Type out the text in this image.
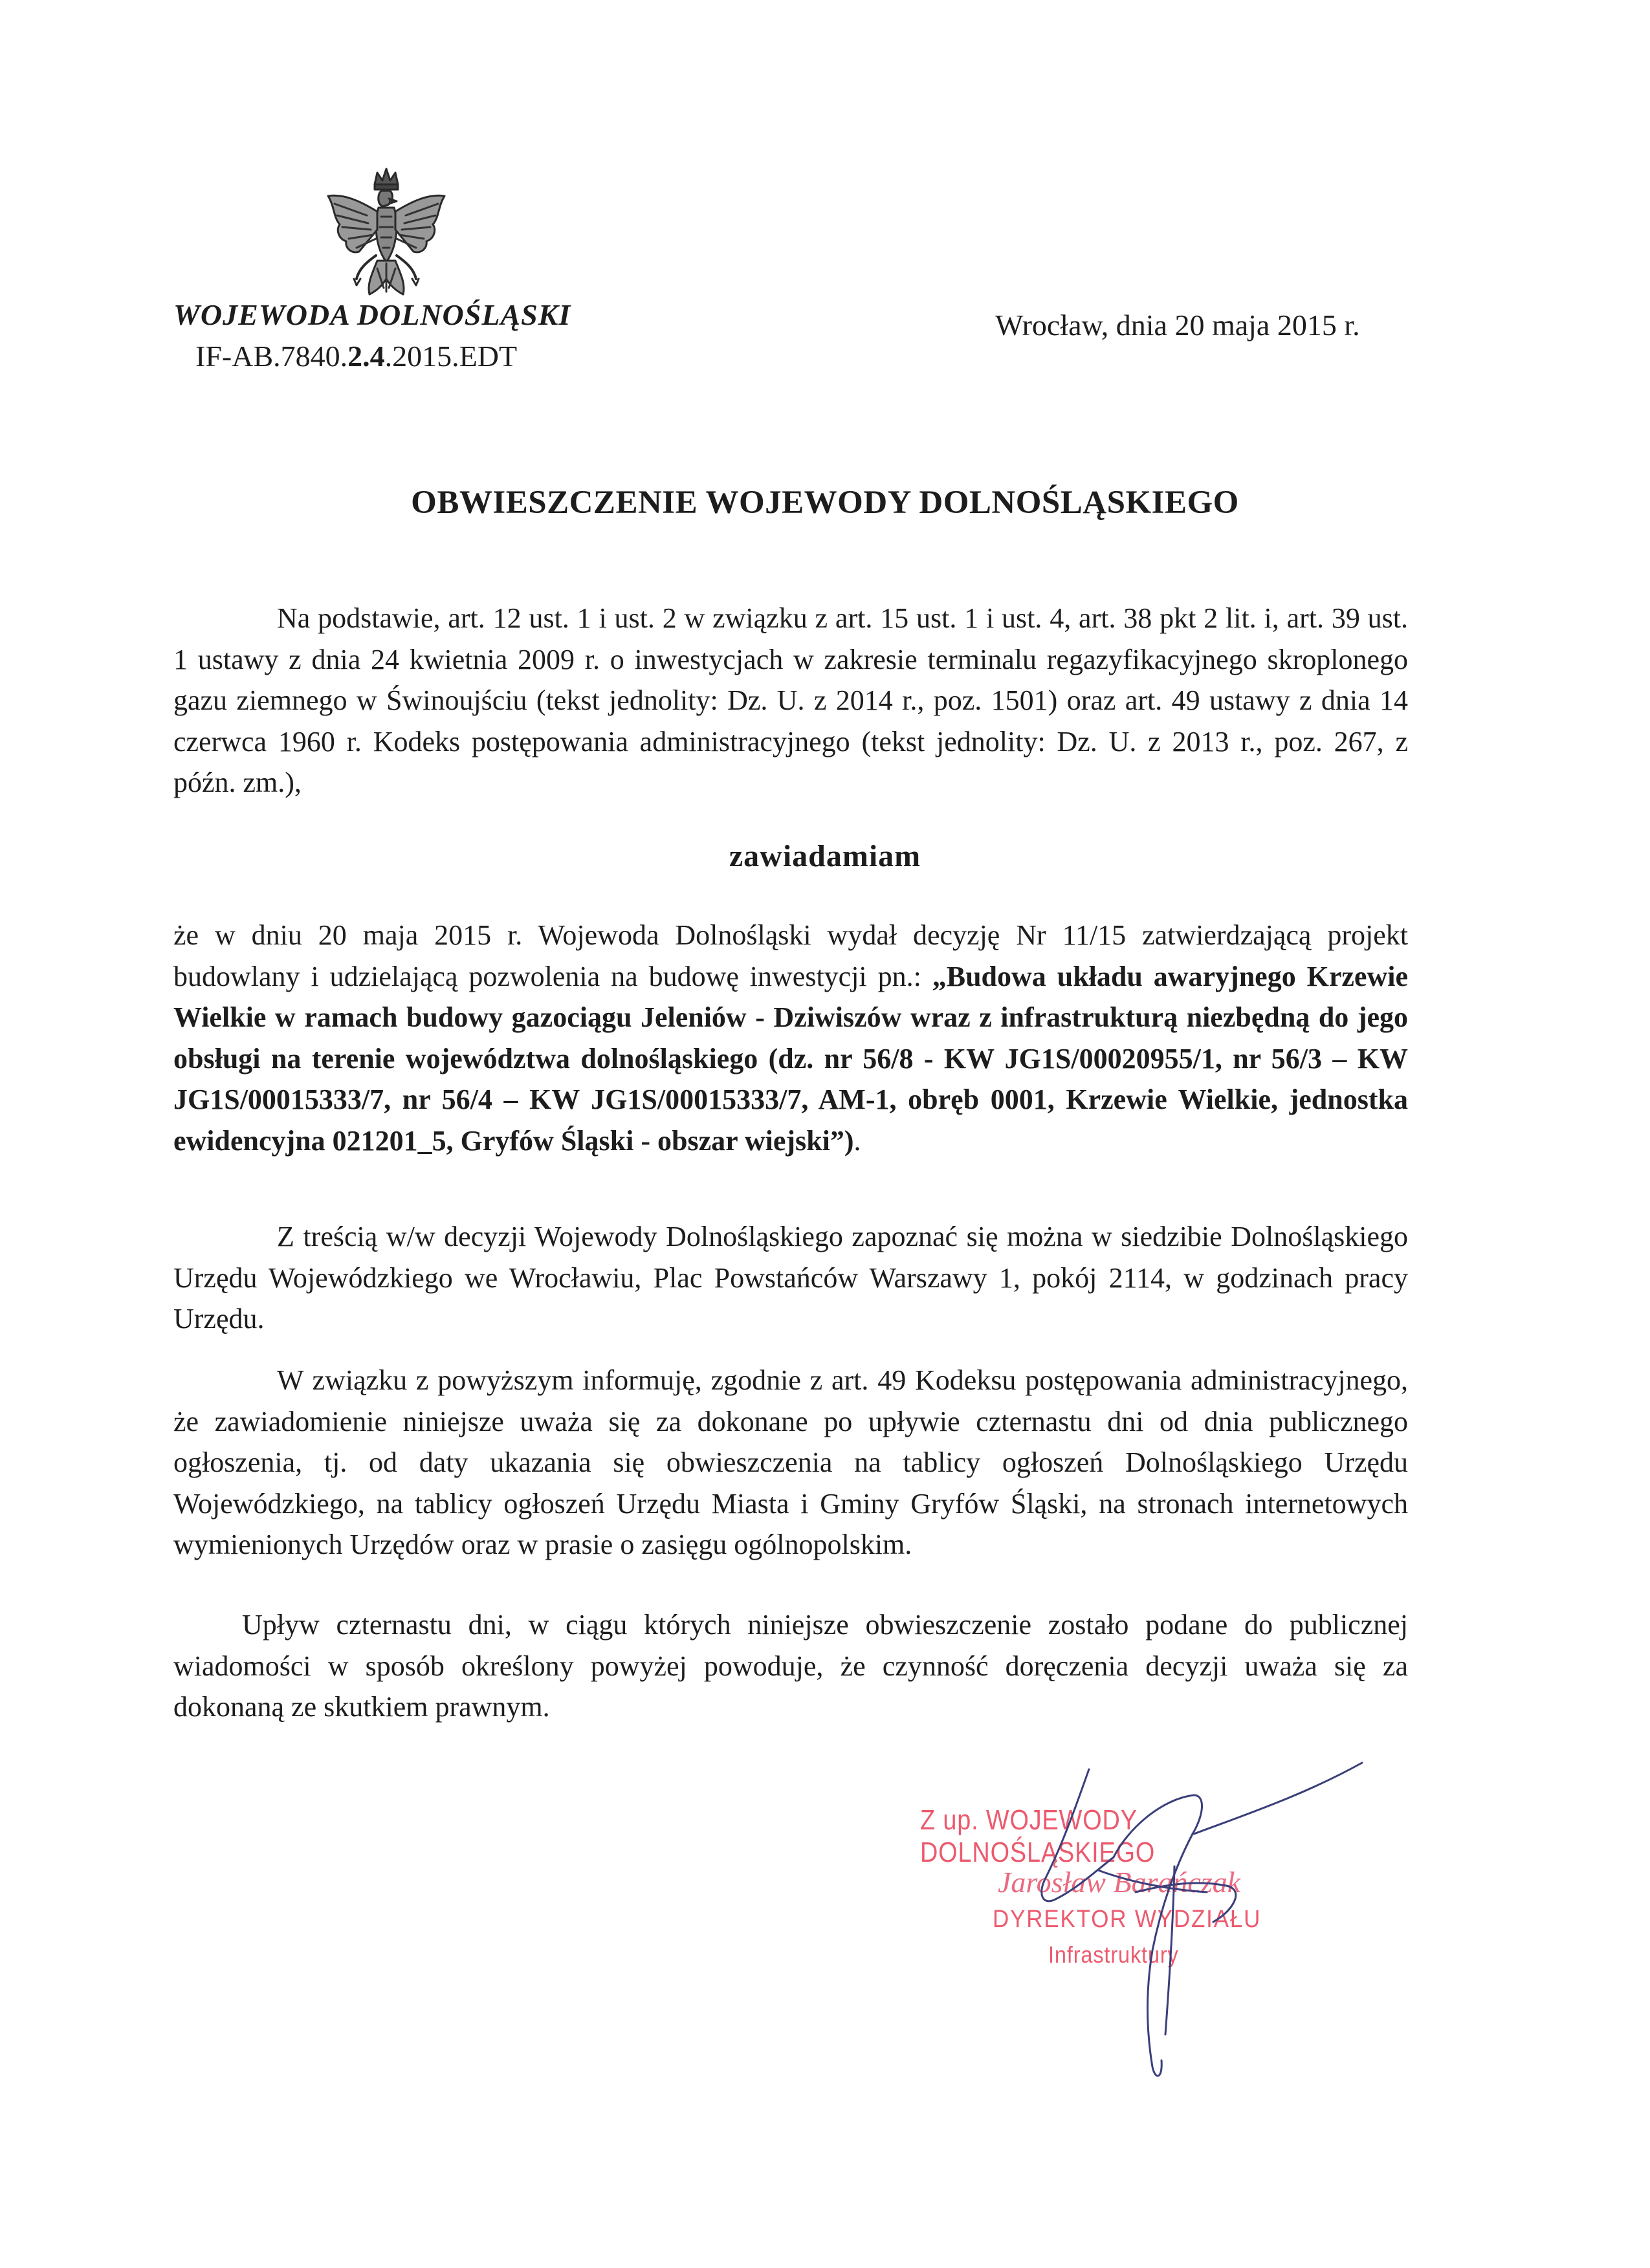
WOJEWODA DOLNOŚLĄSKI
IF-AB.7840.2.4.2015.EDT
Wrocław, dnia 20 maja 2015 r.
OBWIESZCZENIE WOJEWODY DOLNOŚLĄSKIEGO
Na podstawie, art. 12 ust. 1 i ust. 2 w związku z art. 15 ust. 1 i ust. 4, art. 38 pkt 2 lit. i, art. 39 ust. 1 ustawy z dnia 24 kwietnia 2009 r. o inwestycjach w zakresie terminalu regazyfikacyjnego skroplonego gazu ziemnego w Świnoujściu (tekst jednolity: Dz. U. z 2014 r., poz. 1501) oraz art. 49 ustawy z dnia 14 czerwca 1960 r. Kodeks postępowania administracyjnego (tekst jednolity: Dz. U. z 2013 r., poz. 267, z późn. zm.),
zawiadamiam
że w dniu 20 maja 2015 r. Wojewoda Dolnośląski wydał decyzję Nr 11/15 zatwierdzającą projekt budowlany i udzielającą pozwolenia na budowę inwestycji pn.: „Budowa układu awaryjnego Krzewie Wielkie w ramach budowy gazociągu Jeleniów - Dziwiszów wraz z infrastrukturą niezbędną do jego obsługi na terenie województwa dolnośląskiego (dz. nr 56/8 - KW JG1S/00020955/1, nr 56/3 – KW JG1S/00015333/7, nr 56/4 – KW JG1S/00015333/7, AM-1, obręb 0001, Krzewie Wielkie, jednostka ewidencyjna 021201_5, Gryfów Śląski - obszar wiejski”).
Z treścią w/w decyzji Wojewody Dolnośląskiego zapoznać się można w siedzibie Dolnośląskiego Urzędu Wojewódzkiego we Wrocławiu, Plac Powstańców Warszawy 1, pokój 2114, w godzinach pracy Urzędu.
W związku z powyższym informuję, zgodnie z art. 49 Kodeksu postępowania administracyjnego, że zawiadomienie niniejsze uważa się za dokonane po upływie czternastu dni od dnia publicznego ogłoszenia, tj. od daty ukazania się obwieszczenia na tablicy ogłoszeń Dolnośląskiego Urzędu Wojewódzkiego, na tablicy ogłoszeń Urzędu Miasta i Gminy Gryfów Śląski, na stronach internetowych wymienionych Urzędów oraz w prasie o zasięgu ogólnopolskim.
Upływ czternastu dni, w ciągu których niniejsze obwieszczenie zostało podane do publicznej wiadomości w sposób określony powyżej powoduje, że czynność doręczenia decyzji uważa się za dokonaną ze skutkiem prawnym.
Z up. WOJEWODY DOLNOŚLĄSKIEGO
Jarosław Barańczak
DYREKTOR WYDZIAŁU
Infrastruktury
